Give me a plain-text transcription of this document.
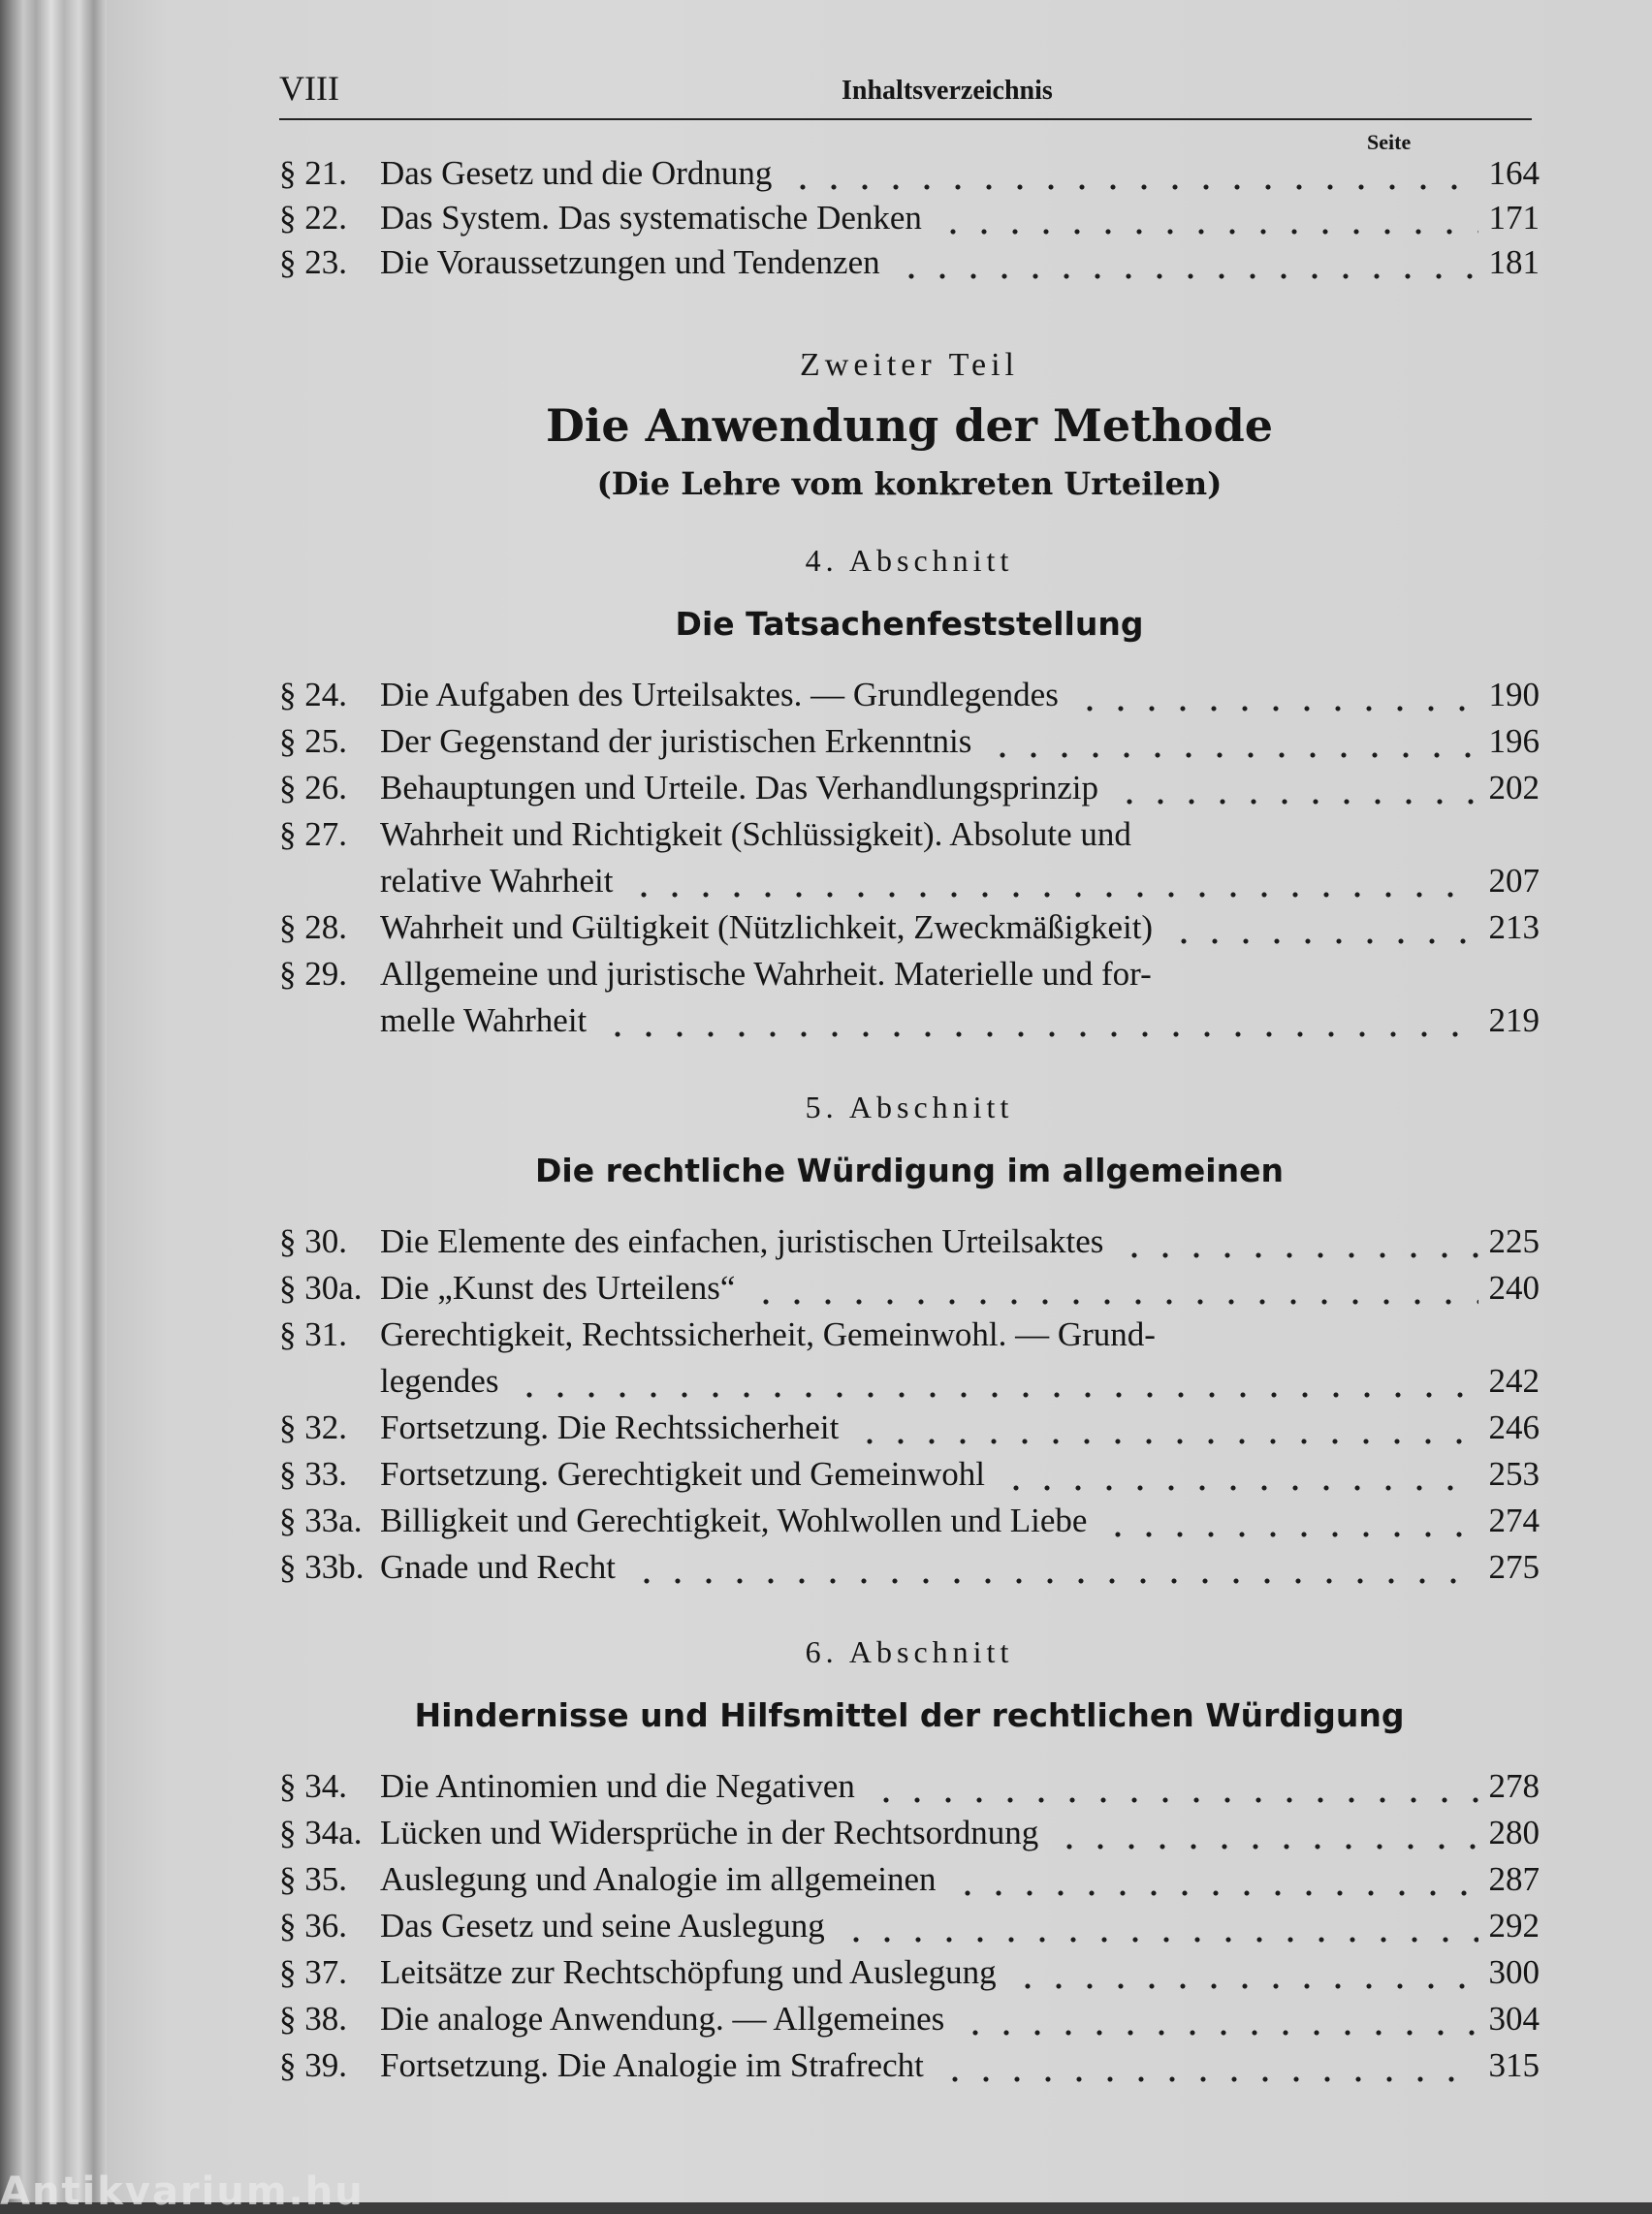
VIII	Inhaltsverzeichnis
Seite
§ 21. Das Gesetz und die Ordnung	164
§ 22. Das System. Das systematische Denken	171
§ 23. Die Voraussetzungen und Tendenzen	181
Zweiter Teil
Die Anwendung der Methode
(Die Lehre vom konkreten Urteilen)
4. Abschnitt
Die Tatsachenfeststellung
§ 24. Die Aufgaben des Urteilsaktes. — Grundlegendes	190
§ 25. Der Gegenstand der juristischen Erkenntnis	196
§ 26. Behauptungen und Urteile. Das Verhandlungsprinzip	202
§ 27. Wahrheit und Richtigkeit (Schlüssigkeit). Absolute und
relative Wahrheit	207
§ 28. Wahrheit und Gültigkeit (Nützlichkeit, Zweckmäßigkeit)	213
§ 29. Allgemeine und juristische Wahrheit. Materielle und for-
melle Wahrheit	219
5. Abschnitt
Die rechtliche Würdigung im allgemeinen
§ 30. Die Elemente des einfachen, juristischen Urteilsaktes	225
§ 30a. Die „Kunst des Urteilens“	240
§ 31. Gerechtigkeit, Rechtssicherheit, Gemeinwohl. — Grund-
legendes	242
§ 32. Fortsetzung. Die Rechtssicherheit	246
§ 33. Fortsetzung. Gerechtigkeit und Gemeinwohl	253
§ 33a. Billigkeit und Gerechtigkeit, Wohlwollen und Liebe	274
§ 33b. Gnade und Recht	275
6. Abschnitt
Hindernisse und Hilfsmittel der rechtlichen Würdigung
§ 34. Die Antinomien und die Negativen	278
§ 34a. Lücken und Widersprüche in der Rechtsordnung	280
§ 35. Auslegung und Analogie im allgemeinen	287
§ 36. Das Gesetz und seine Auslegung	292
§ 37. Leitsätze zur Rechtschöpfung und Auslegung	300
§ 38. Die analoge Anwendung. — Allgemeines	304
§ 39. Fortsetzung. Die Analogie im Strafrecht	315
Antikvarium.hu
